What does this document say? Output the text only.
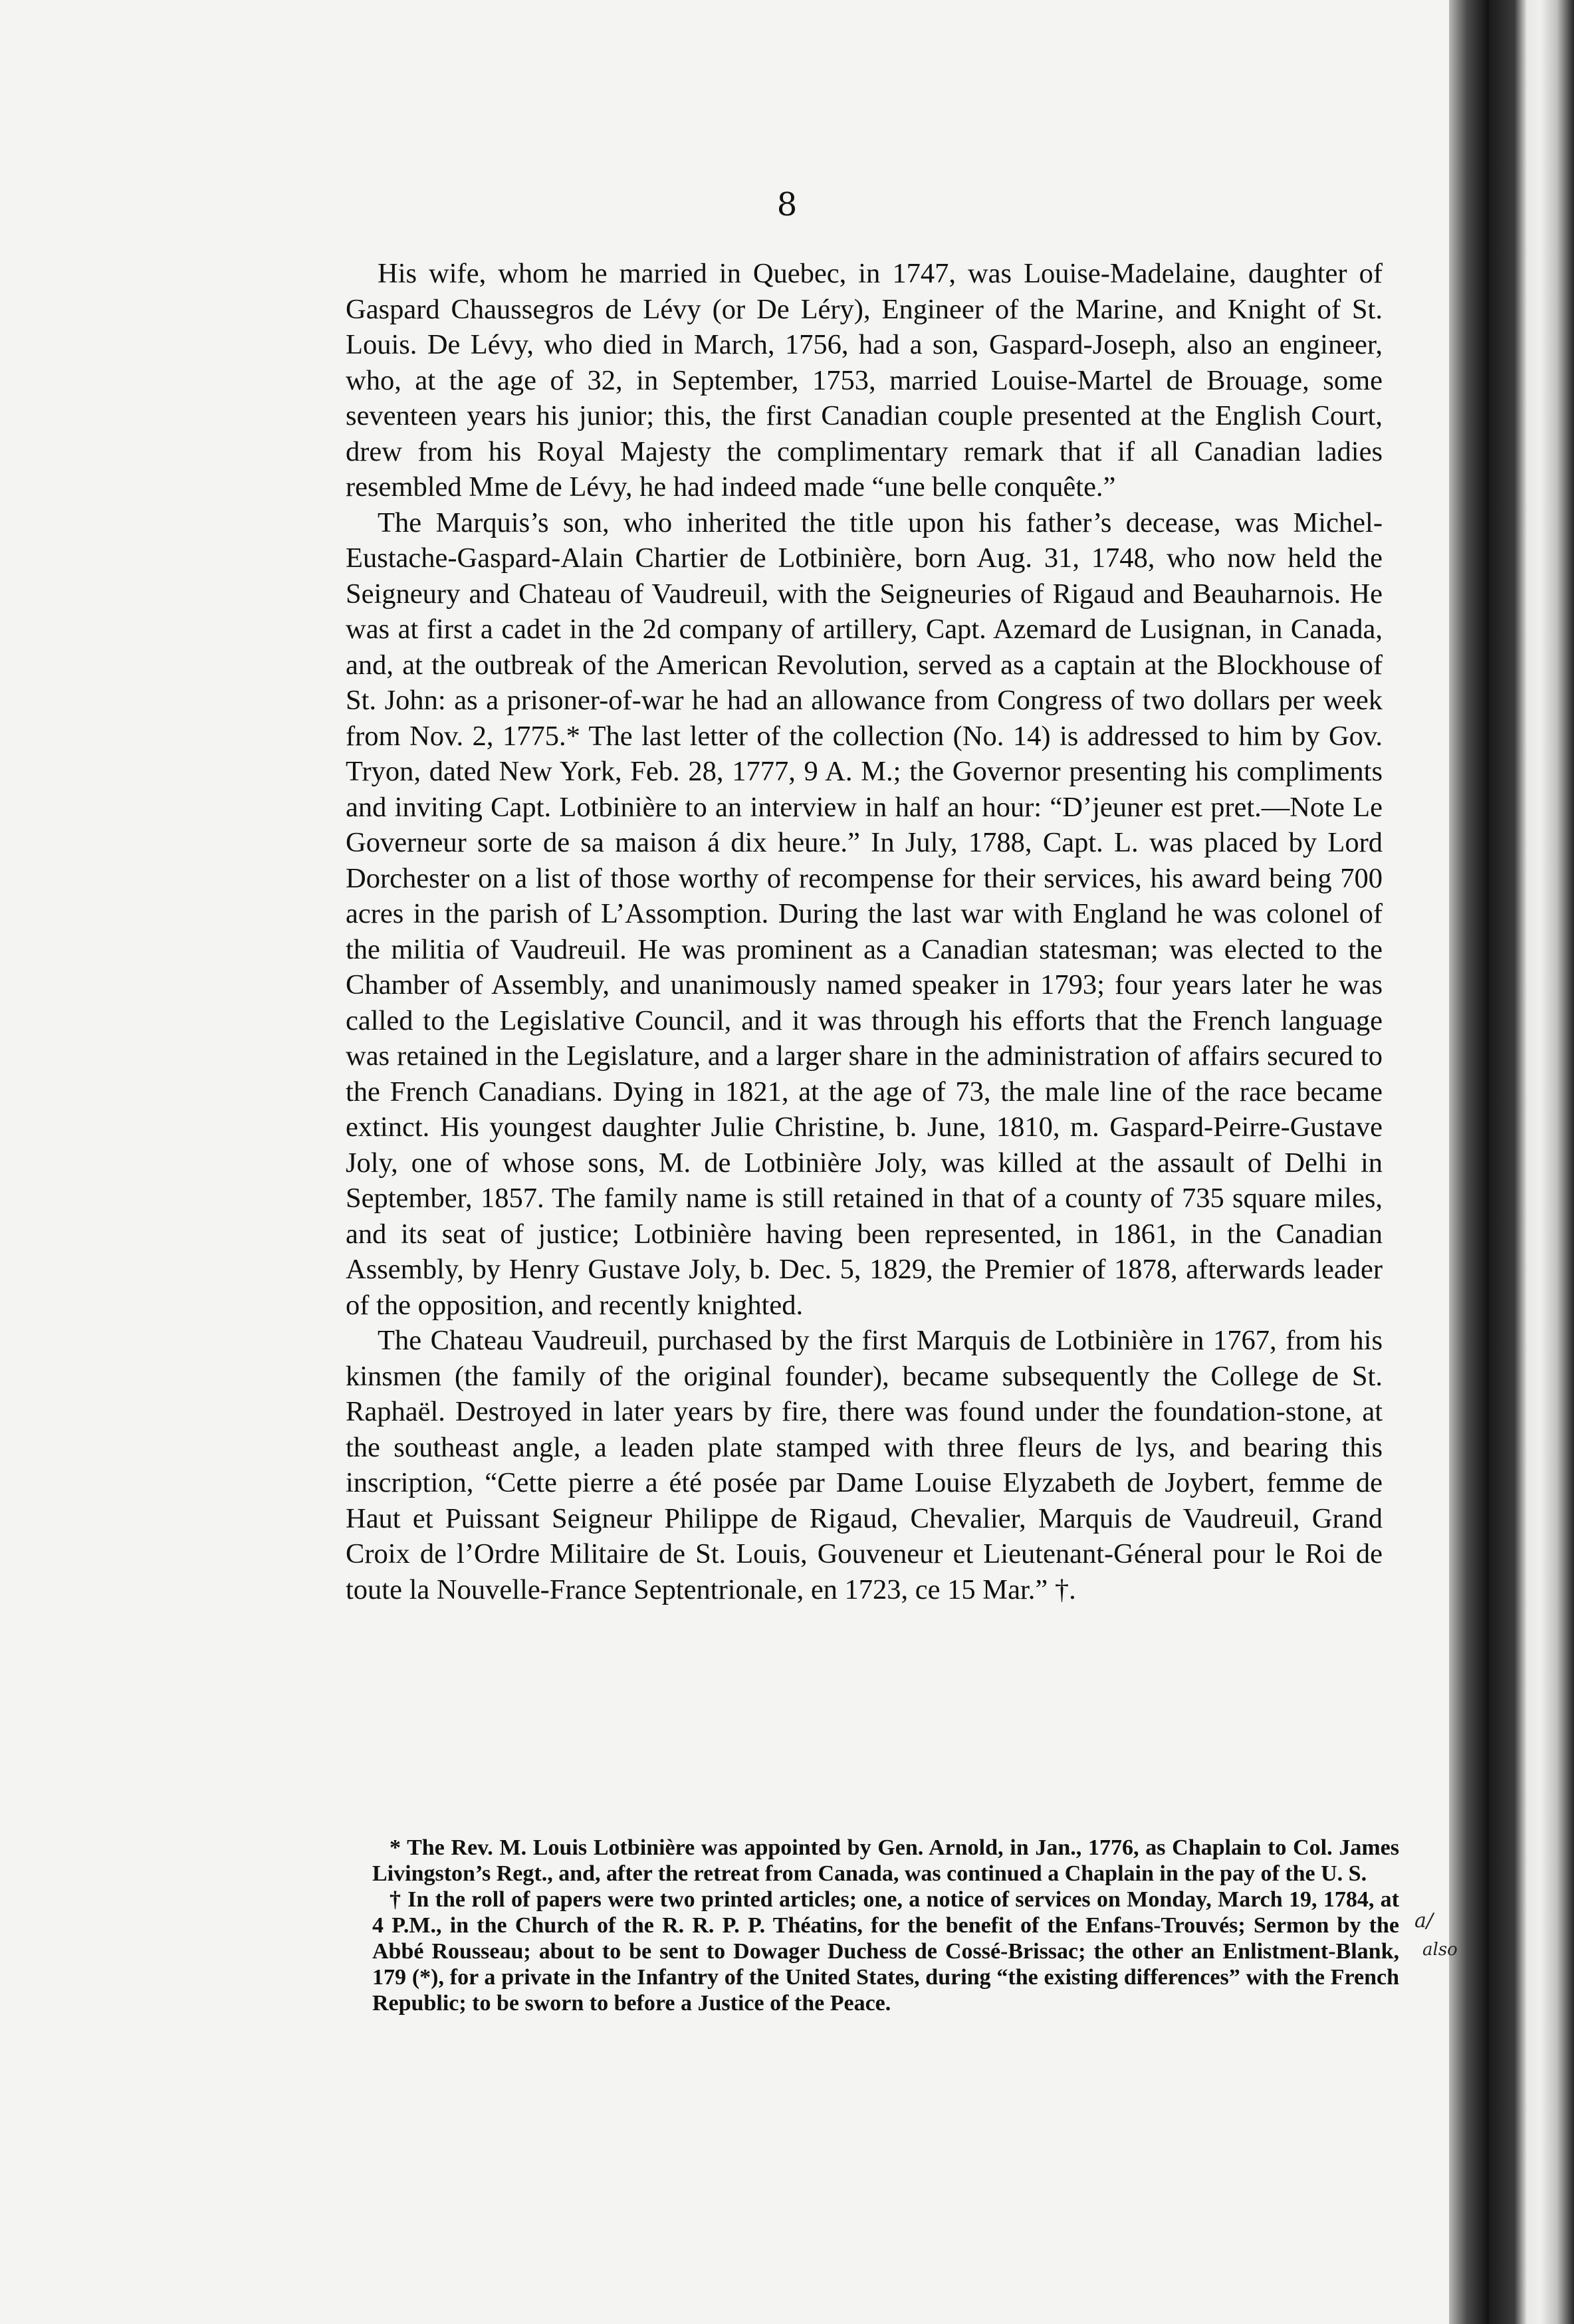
8

His wife, whom he married in Quebec, in 1747, was Louise-Madelaine, daughter of Gaspard Chaussegros de Lévy (or De Léry), Engineer of the Marine, and Knight of St. Louis. De Lévy, who died in March, 1756, had a son, Gaspard-Joseph, also an engineer, who, at the age of 32, in September, 1753, married Louise-Martel de Brouage, some seventeen years his junior; this, the first Canadian couple presented at the English Court, drew from his Royal Majesty the complimentary remark that if all Canadian ladies resembled Mme de Lévy, he had indeed made “une belle conquête.”

The Marquis’s son, who inherited the title upon his father’s decease, was Michel-Eustache-Gaspard-Alain Chartier de Lotbinière, born Aug. 31, 1748, who now held the Seigneury and Chateau of Vaudreuil, with the Seigneuries of Rigaud and Beauharnois. He was at first a cadet in the 2d company of artillery, Capt. Azemard de Lusignan, in Canada, and, at the outbreak of the American Revolution, served as a captain at the Blockhouse of St. John: as a prisoner-of-war he had an allowance from Congress of two dollars per week from Nov. 2, 1775.* The last letter of the collection (No. 14) is addressed to him by Gov. Tryon, dated New York, Feb. 28, 1777, 9 A. M.; the Governor presenting his compliments and inviting Capt. Lotbinière to an interview in half an hour: “D’jeuner est pret.—Note Le Governeur sorte de sa maison á dix heure.” In July, 1788, Capt. L. was placed by Lord Dorchester on a list of those worthy of recompense for their services, his award being 700 acres in the parish of L’Assomption. During the last war with England he was colonel of the militia of Vaudreuil. He was prominent as a Canadian statesman; was elected to the Chamber of Assembly, and unanimously named speaker in 1793; four years later he was called to the Legislative Council, and it was through his efforts that the French language was retained in the Legislature, and a larger share in the administration of affairs secured to the French Canadians. Dying in 1821, at the age of 73, the male line of the race became extinct. His youngest daughter Julie Christine, b. June, 1810, m. Gaspard-Peirre-Gustave Joly, one of whose sons, M. de Lotbinière Joly, was killed at the assault of Delhi in September, 1857. The family name is still retained in that of a county of 735 square miles, and its seat of justice; Lotbinière having been represented, in 1861, in the Canadian Assembly, by Henry Gustave Joly, b. Dec. 5, 1829, the Premier of 1878, afterwards leader of the opposition, and recently knighted.

The Chateau Vaudreuil, purchased by the first Marquis de Lotbinière in 1767, from his kinsmen (the family of the original founder), became subsequently the College de St. Raphaël. Destroyed in later years by fire, there was found under the foundation-stone, at the southeast angle, a leaden plate stamped with three fleurs de lys, and bearing this inscription, “Cette pierre a été posée par Dame Louise Elyzabeth de Joybert, femme de Haut et Puissant Seigneur Philippe de Rigaud, Chevalier, Marquis de Vaudreuil, Grand Croix de l’Ordre Militaire de St. Louis, Gouveneur et Lieutenant-Géneral pour le Roi de toute la Nouvelle-France Septentrionale, en 1723, ce 15 Mar.” †.

* The Rev. M. Louis Lotbinière was appointed by Gen. Arnold, in Jan., 1776, as Chaplain to Col. James Livingston’s Regt., and, after the retreat from Canada, was continued a Chaplain in the pay of the U. S.

† In the roll of papers were two printed articles; one, a notice of services on Monday, March 19, 1784, at 4 P.M., in the Church of the R. R. P. P. Théatins, for the benefit of the Enfans-Trouvés; Sermon by the Abbé Rousseau; about to be sent to Dowager Duchess de Cossé-Brissac; the other an Enlistment-Blank, 179 (*), for a private in the Infantry of the United States, during “the existing differences” with the French Republic; to be sworn to before a Justice of the Peace.

a/
also
